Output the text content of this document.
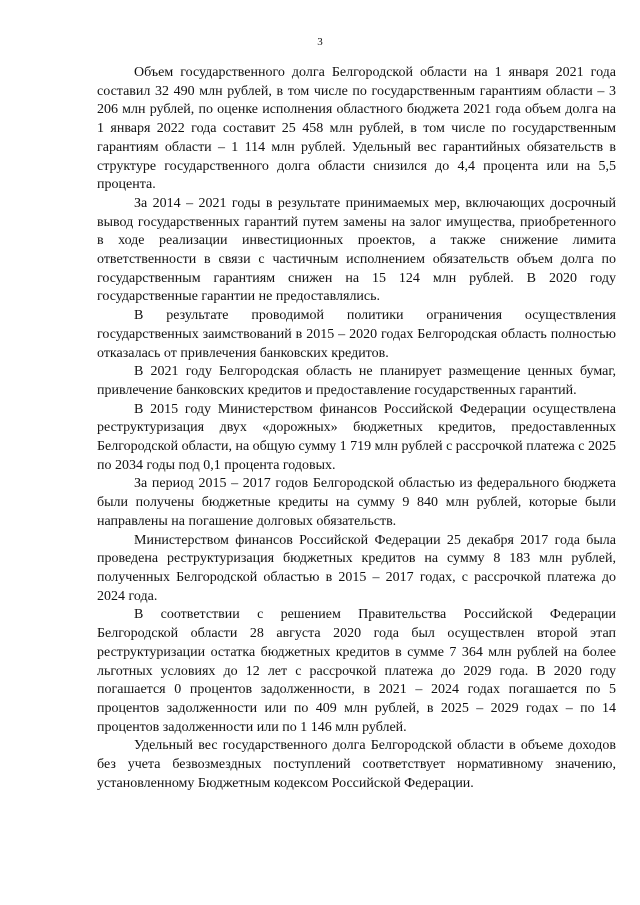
3

Объем государственного долга Белгородской области на 1 января 2021 года составил 32 490 млн рублей, в том числе по государственным гарантиям области – 3 206 млн рублей, по оценке исполнения областного бюджета 2021 года объем долга на 1 января 2022 года составит 25 458 млн рублей, в том числе по государственным гарантиям области – 1 114 млн рублей. Удельный вес гарантийных обязательств в структуре государственного долга области снизился до 4,4 процента или на 5,5 процента.

За 2014 – 2021 годы в результате принимаемых мер, включающих досрочный вывод государственных гарантий путем замены на залог имущества, приобретенного в ходе реализации инвестиционных проектов, а также снижение лимита ответственности в связи с частичным исполнением обязательств объем долга по государственным гарантиям снижен на 15 124 млн рублей. В 2020 году государственные гарантии не предоставлялись.

В результате проводимой политики ограничения осуществления государственных заимствований в 2015 – 2020 годах Белгородская область полностью отказалась от привлечения банковских кредитов.

В 2021 году Белгородская область не планирует размещение ценных бумаг, привлечение банковских кредитов и предоставление государственных гарантий.

В 2015 году Министерством финансов Российской Федерации осуществлена реструктуризация двух «дорожных» бюджетных кредитов, предоставленных Белгородской области, на общую сумму 1 719 млн рублей с рассрочкой платежа с 2025 по 2034 годы под 0,1 процента годовых.

За период 2015 – 2017 годов Белгородской областью из федерального бюджета были получены бюджетные кредиты на сумму 9 840 млн рублей, которые были направлены на погашение долговых обязательств.

Министерством финансов Российской Федерации 25 декабря 2017 года была проведена реструктуризация бюджетных кредитов на сумму 8 183 млн рублей, полученных Белгородской областью в 2015 – 2017 годах, с рассрочкой платежа до 2024 года.

В соответствии с решением Правительства Российской Федерации Белгородской области 28 августа 2020 года был осуществлен второй этап реструктуризации остатка бюджетных кредитов в сумме 7 364 млн рублей на более льготных условиях до 12 лет с рассрочкой платежа до 2029 года. В 2020 году погашается 0 процентов задолженности, в 2021 – 2024 годах погашается по 5 процентов задолженности или по 409 млн рублей, в 2025 – 2029 годах – по 14 процентов задолженности или по 1 146 млн рублей.

Удельный вес государственного долга Белгородской области в объеме доходов без учета безвозмездных поступлений соответствует нормативному значению, установленному Бюджетным кодексом Российской Федерации.
